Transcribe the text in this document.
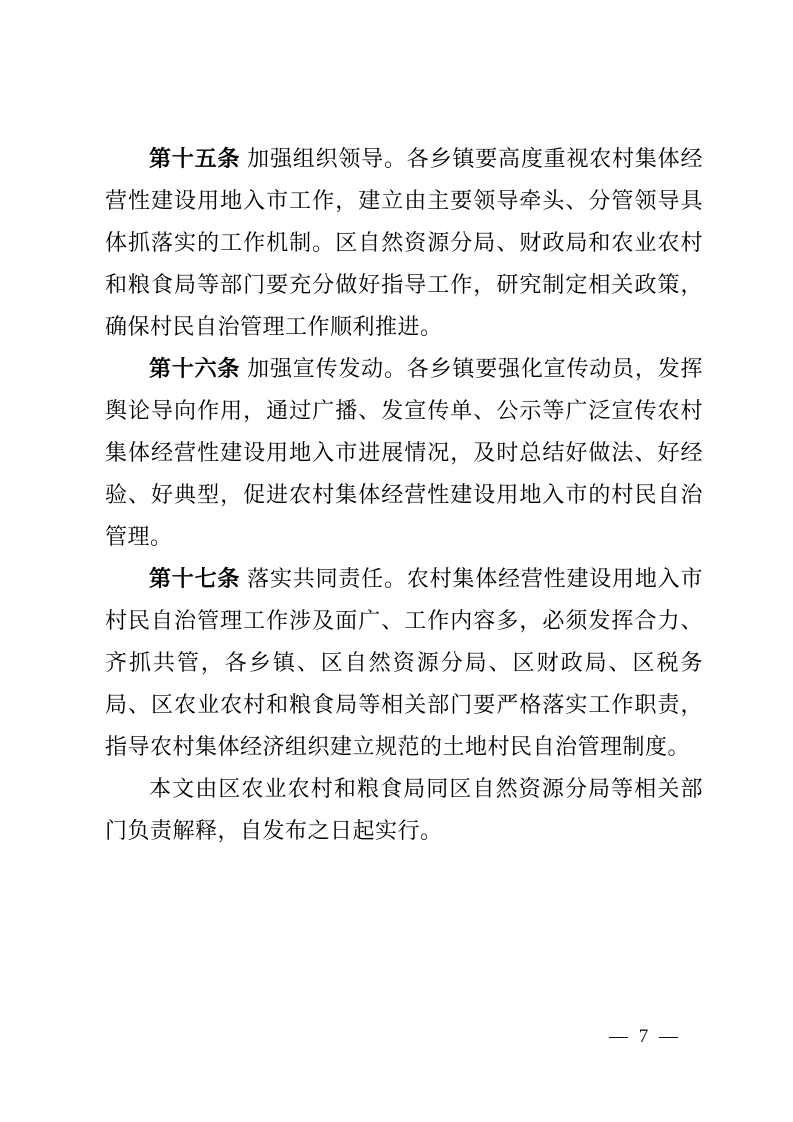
第十五条 加强组织领导。各乡镇要高度重视农村集体经营性建设用地入市工作，建立由主要领导牵头、分管领导具体抓落实的工作机制。区自然资源分局、财政局和农业农村和粮食局等部门要充分做好指导工作，研究制定相关政策，确保村民自治管理工作顺利推进。

第十六条 加强宣传发动。各乡镇要强化宣传动员，发挥舆论导向作用，通过广播、发宣传单、公示等广泛宣传农村集体经营性建设用地入市进展情况，及时总结好做法、好经验、好典型，促进农村集体经营性建设用地入市的村民自治管理。

第十七条 落实共同责任。农村集体经营性建设用地入市村民自治管理工作涉及面广、工作内容多，必须发挥合力、齐抓共管，各乡镇、区自然资源分局、区财政局、区税务局、区农业农村和粮食局等相关部门要严格落实工作职责，指导农村集体经济组织建立规范的土地村民自治管理制度。

本文由区农业农村和粮食局同区自然资源分局等相关部门负责解释，自发布之日起实行。

— 7 —
